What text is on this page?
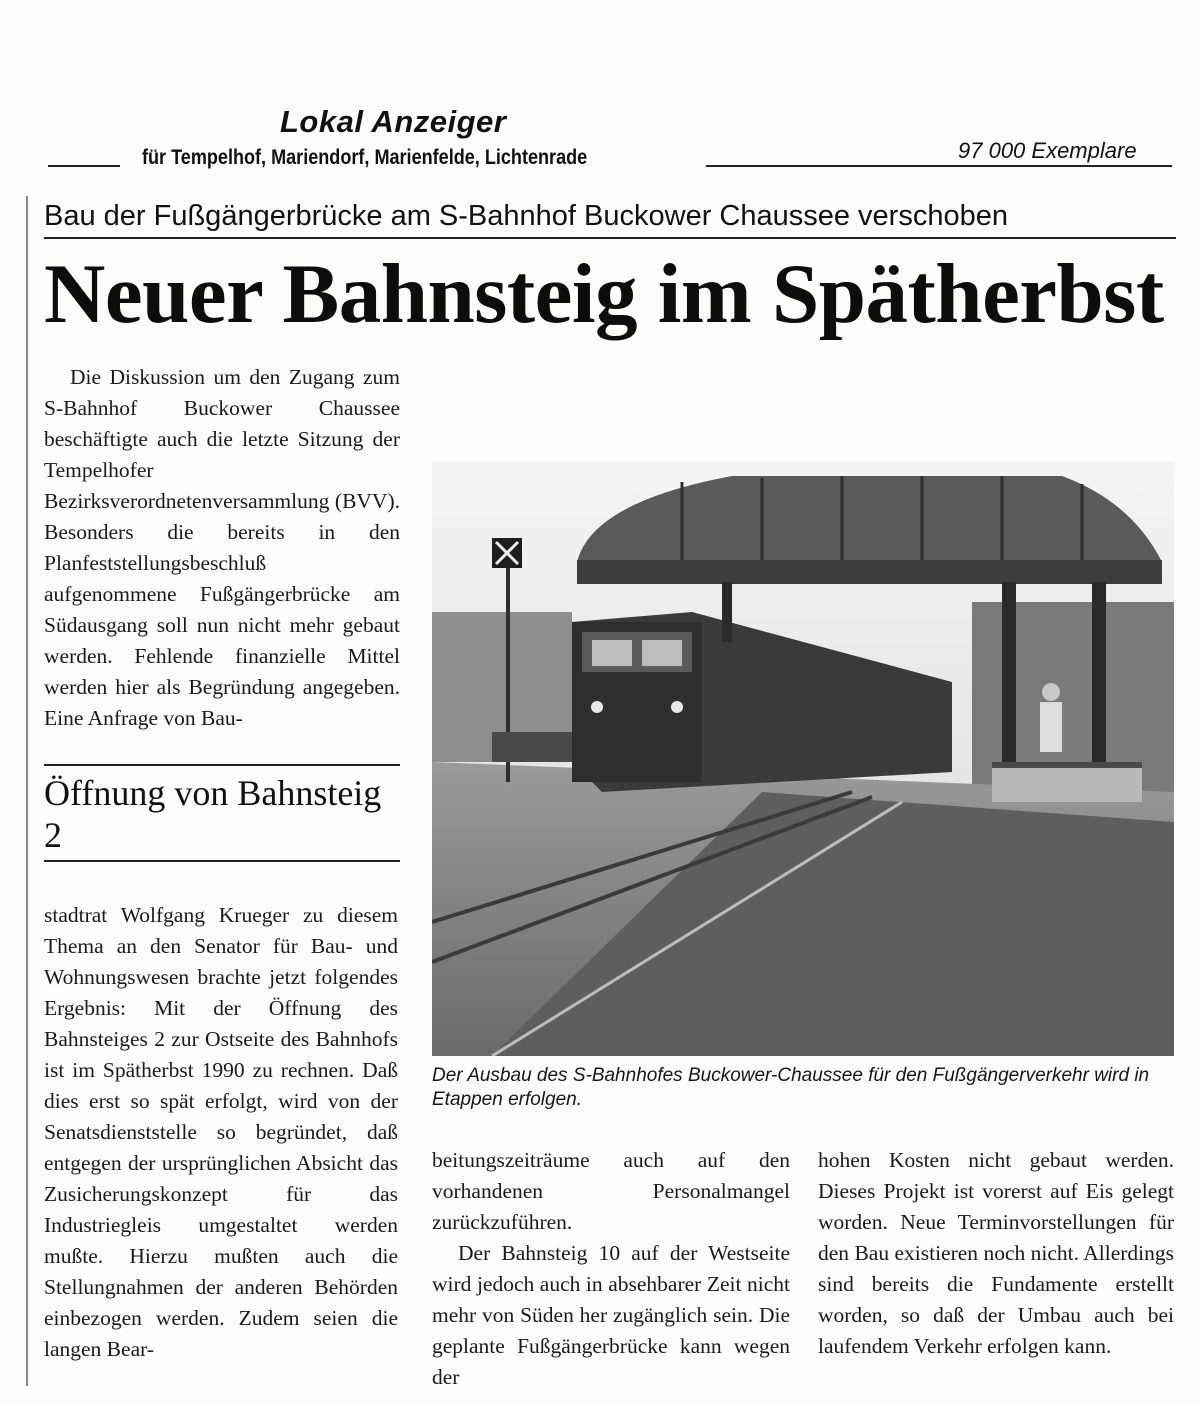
Lokal Anzeiger
für Tempelhof, Mariendorf, Marienfelde, Lichtenrade	97 000 Exemplare
Bau der Fußgängerbrücke am S-Bahnhof Buckower Chaussee verschoben
Neuer Bahnsteig im Spätherbst

Die Diskussion um den Zugang zum S-Bahnhof Buckower Chaussee beschäftigte auch die letzte Sitzung der Tempelhofer Bezirksverordnetenversammlung (BVV). Besonders die bereits in den Planfeststellungsbeschluß aufgenommene Fußgängerbrücke am Südausgang soll nun nicht mehr gebaut werden. Fehlende finanzielle Mittel werden hier als Begründung angegeben. Eine Anfrage von Bau-

Öffnung von Bahnsteig 2

stadtrat Wolfgang Krueger zu diesem Thema an den Senator für Bau- und Wohnungswesen brachte jetzt folgendes Ergebnis: Mit der Öffnung des Bahnsteiges 2 zur Ostseite des Bahnhofs ist im Spätherbst 1990 zu rechnen. Daß dies erst so spät erfolgt, wird von der Senatsdienststelle so begründet, daß entgegen der ursprünglichen Absicht das Zusicherungskonzept für das Industriegleis umgestaltet werden mußte. Hierzu mußten auch die Stellungnahmen der anderen Behörden einbezogen werden. Zudem seien die langen Bear-

Der Ausbau des S-Bahnhofes Buckower-Chaussee für den Fußgängerverkehr wird in Etappen erfolgen.

beitungszeiträume auch auf den vorhandenen Personalmangel zurückzuführen.

Der Bahnsteig 10 auf der Westseite wird jedoch auch in absehbarer Zeit nicht mehr von Süden her zugänglich sein. Die geplante Fußgängerbrücke kann wegen der

hohen Kosten nicht gebaut werden. Dieses Projekt ist vorerst auf Eis gelegt worden. Neue Terminvorstellungen für den Bau existieren noch nicht. Allerdings sind bereits die Fundamente erstellt worden, so daß der Umbau auch bei laufendem Verkehr erfolgen kann.
